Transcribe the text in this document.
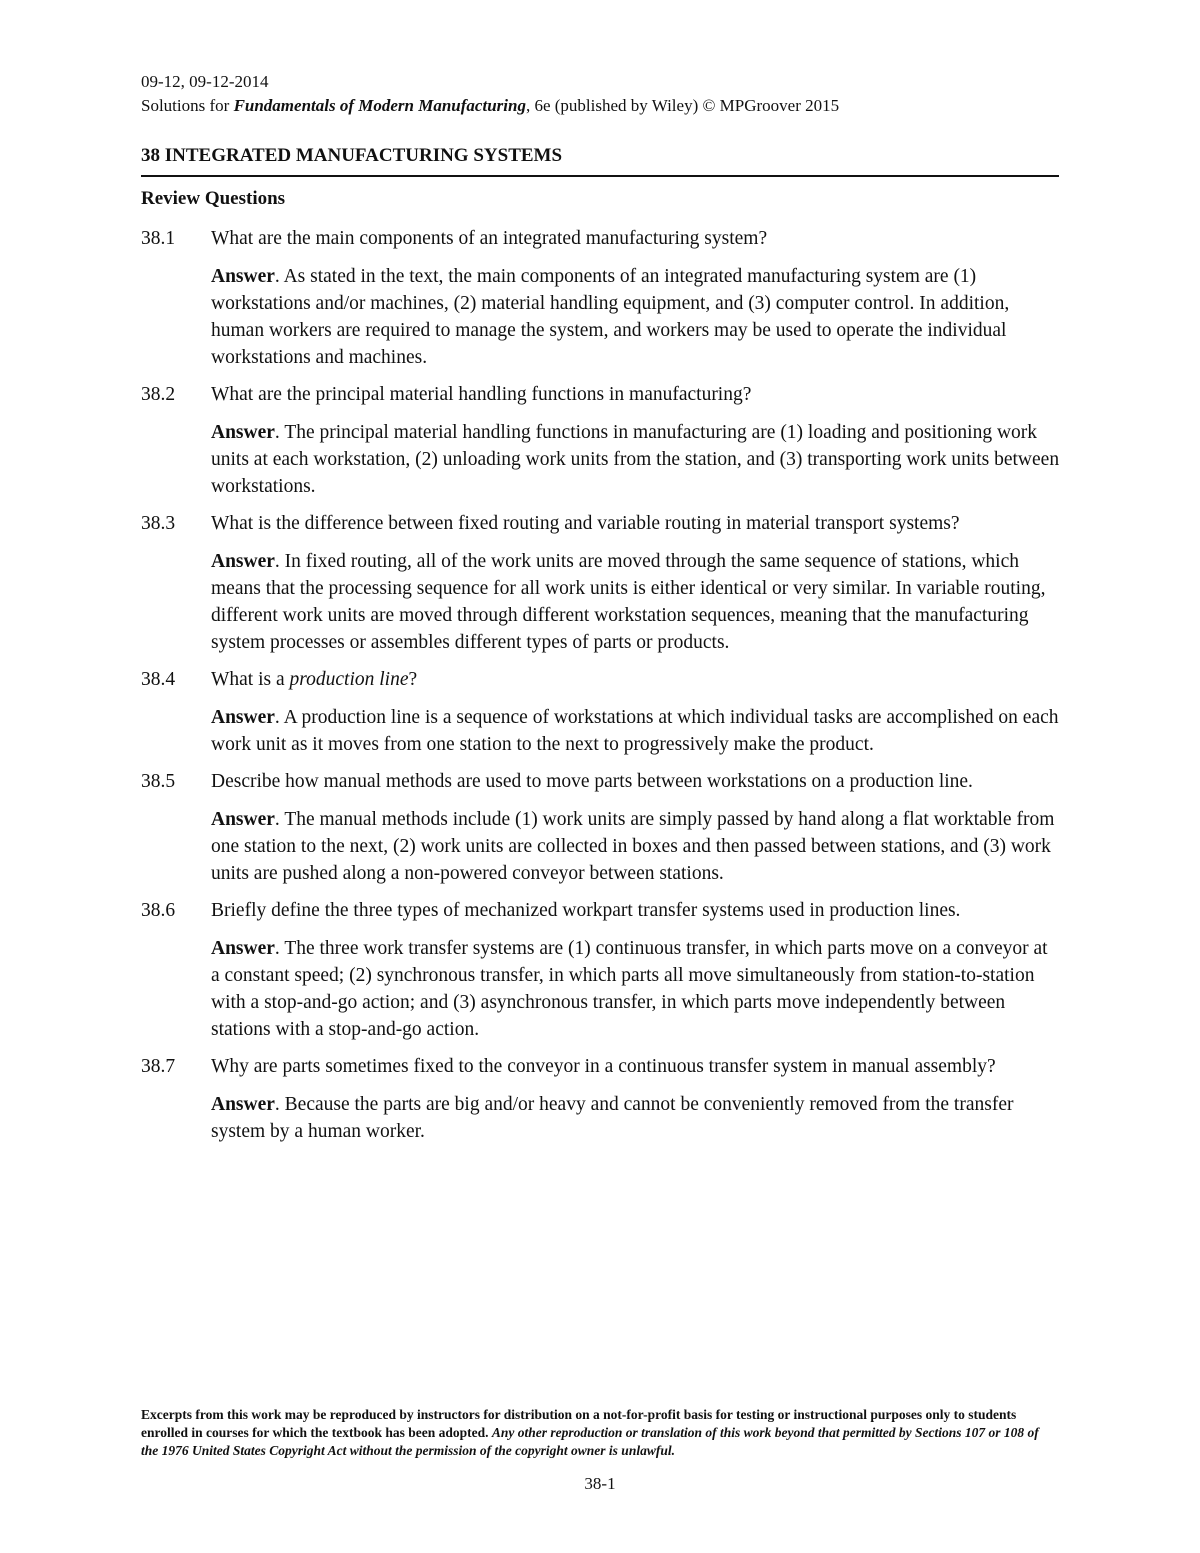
09-12, 09-12-2014
Solutions for Fundamentals of Modern Manufacturing, 6e (published by Wiley) © MPGroover 2015
38 INTEGRATED MANUFACTURING SYSTEMS
Review Questions
38.1	What are the main components of an integrated manufacturing system?
Answer. As stated in the text, the main components of an integrated manufacturing system are (1) workstations and/or machines, (2) material handling equipment, and (3) computer control. In addition, human workers are required to manage the system, and workers may be used to operate the individual workstations and machines.
38.2	What are the principal material handling functions in manufacturing?
Answer. The principal material handling functions in manufacturing are (1) loading and positioning work units at each workstation, (2) unloading work units from the station, and (3) transporting work units between workstations.
38.3	What is the difference between fixed routing and variable routing in material transport systems?
Answer. In fixed routing, all of the work units are moved through the same sequence of stations, which means that the processing sequence for all work units is either identical or very similar. In variable routing, different work units are moved through different workstation sequences, meaning that the manufacturing system processes or assembles different types of parts or products.
38.4	What is a production line?
Answer. A production line is a sequence of workstations at which individual tasks are accomplished on each work unit as it moves from one station to the next to progressively make the product.
38.5	Describe how manual methods are used to move parts between workstations on a production line.
Answer. The manual methods include (1) work units are simply passed by hand along a flat worktable from one station to the next, (2) work units are collected in boxes and then passed between stations, and (3) work units are pushed along a non-powered conveyor between stations.
38.6	Briefly define the three types of mechanized workpart transfer systems used in production lines.
Answer. The three work transfer systems are (1) continuous transfer, in which parts move on a conveyor at a constant speed; (2) synchronous transfer, in which parts all move simultaneously from station-to-station with a stop-and-go action; and (3) asynchronous transfer, in which parts move independently between stations with a stop-and-go action.
38.7	Why are parts sometimes fixed to the conveyor in a continuous transfer system in manual assembly?
Answer. Because the parts are big and/or heavy and cannot be conveniently removed from the transfer system by a human worker.
Excerpts from this work may be reproduced by instructors for distribution on a not-for-profit basis for testing or instructional purposes only to students enrolled in courses for which the textbook has been adopted. Any other reproduction or translation of this work beyond that permitted by Sections 107 or 108 of the 1976 United States Copyright Act without the permission of the copyright owner is unlawful.
38-1
